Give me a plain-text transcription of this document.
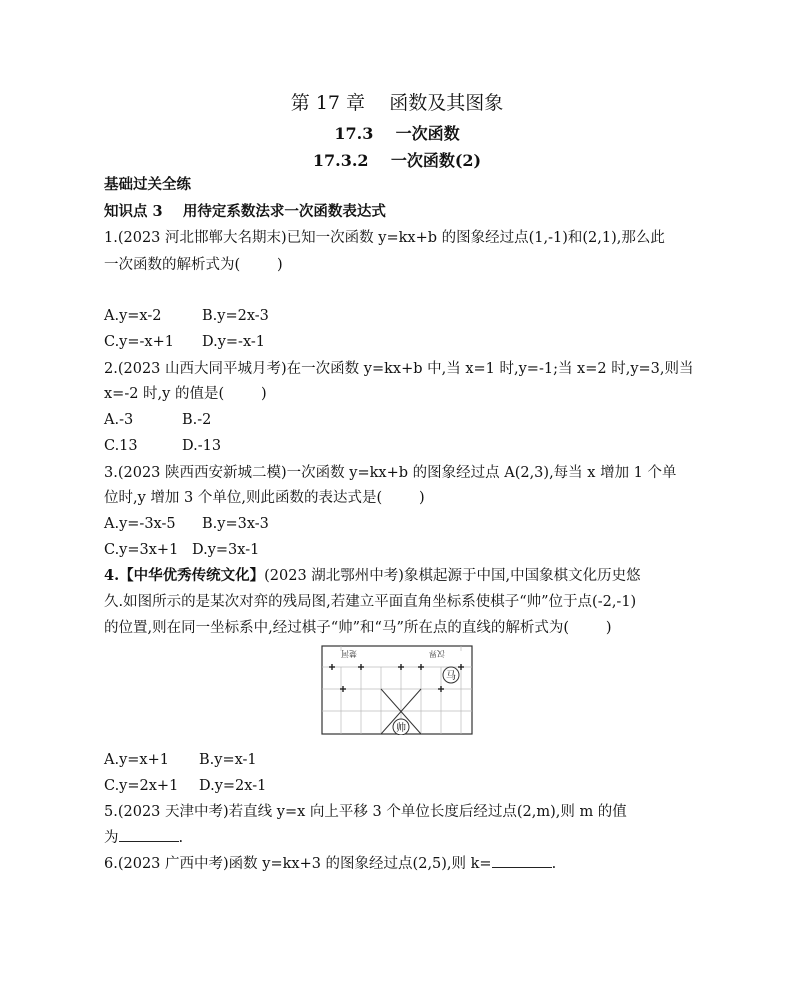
第 17 章    函数及其图象
17.3    一次函数
17.3.2    一次函数(2)
基础过关全练
知识点 3    用待定系数法求一次函数表达式
1.(2023 河北邯郸大名期末)已知一次函数 y=kx+b 的图象经过点(1,-1)和(2,1),那么此
一次函数的解析式为(        )
A.y=x-2	B.y=2x-3
C.y=-x+1 D.y=-x-1
2.(2023 山西大同平城月考)在一次函数 y=kx+b 中,当 x=1 时,y=-1;当 x=2 时,y=3,则当
x=-2 时,y 的值是(        )
A.-3	B.-2
C.13	D.-13
3.(2023 陕西西安新城二模)一次函数 y=kx+b 的图象经过点 A(2,3),每当 x 增加 1 个单
位时,y 增加 3 个单位,则此函数的表达式是(        )
A.y=-3x-5 B.y=3x-3
C.y=3x+1 D.y=3x-1
4.【中华优秀传统文化】(2023 湖北鄂州中考)象棋起源于中国,中国象棋文化历史悠
久.如图所示的是某次对弈的残局图,若建立平面直角坐标系使棋子“帅”位于点(-2,-1)
的位置,则在同一坐标系中,经过棋子“帅”和“马”所在点的直线的解析式为(        )
楚河	汉界
马
帅
A.y=x+1 B.y=x-1
C.y=2x+1 D.y=2x-1
5.(2023 天津中考)若直线 y=x 向上平移 3 个单位长度后经过点(2,m),则 m 的值
为	.
6.(2023 广西中考)函数 y=kx+3 的图象经过点(2,5),则 k=	.
